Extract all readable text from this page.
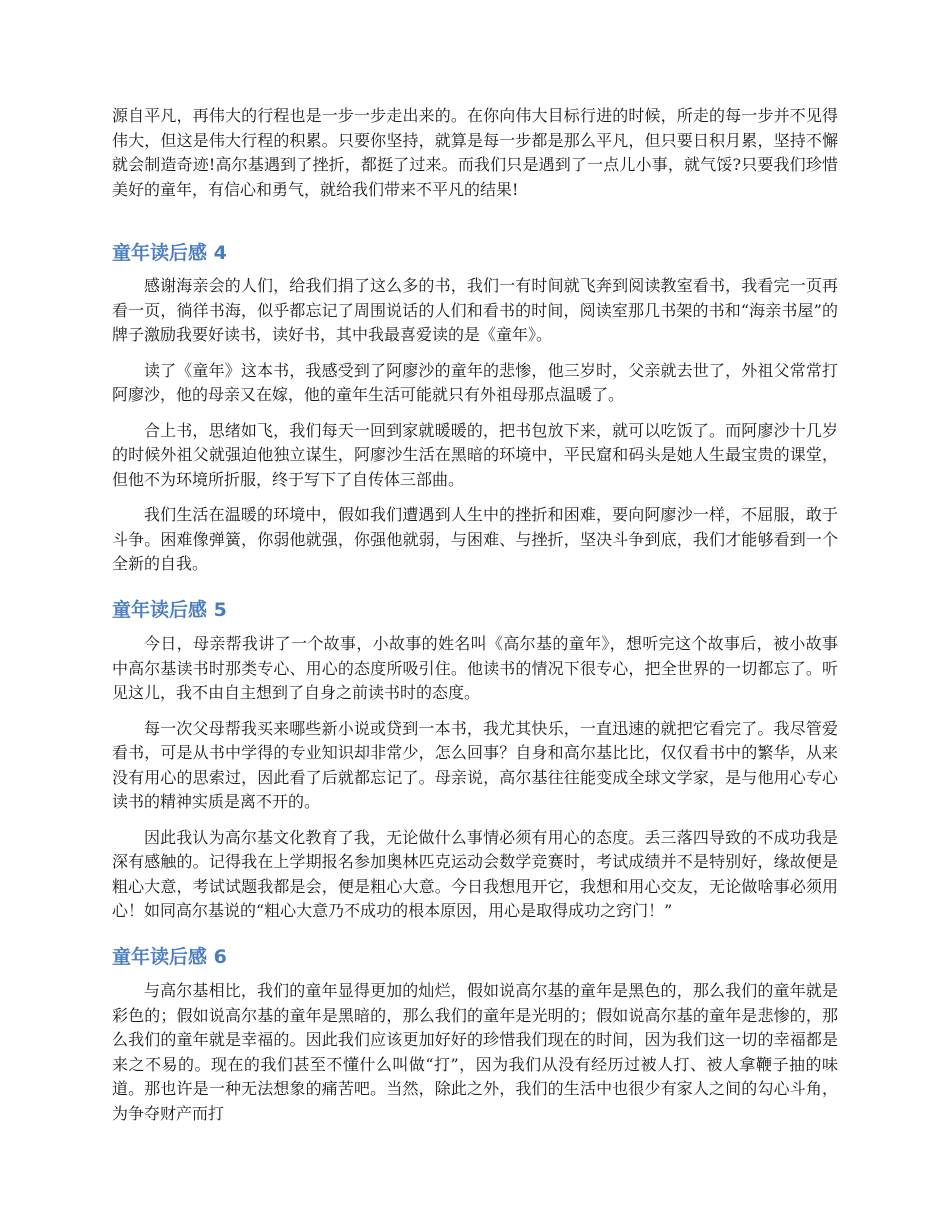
源自平凡，再伟大的行程也是一步一步走出来的。在你向伟大目标行进的时候，所走的每一步并不见得伟大，但这是伟大行程的积累。只要你坚持，就算是每一步都是那么平凡，但只要日积月累，坚持不懈就会制造奇迹!高尔基遇到了挫折，都挺了过来。而我们只是遇到了一点儿小事，就气馁?只要我们珍惜美好的童年，有信心和勇气，就给我们带来不平凡的结果!

童年读后感 4

感谢海亲会的人们，给我们捐了这么多的书，我们一有时间就飞奔到阅读教室看书，我看完一页再看一页，徜徉书海，似乎都忘记了周围说话的人们和看书的时间，阅读室那几书架的书和“海亲书屋”的牌子激励我要好读书，读好书，其中我最喜爱读的是《童年》。

读了《童年》这本书，我感受到了阿廖沙的童年的悲惨，他三岁时，父亲就去世了，外祖父常常打阿廖沙，他的母亲又在嫁，他的童年生活可能就只有外祖母那点温暖了。

合上书，思绪如飞，我们每天一回到家就暖暖的，把书包放下来，就可以吃饭了。而阿廖沙十几岁的时候外祖父就强迫他独立谋生，阿廖沙生活在黑暗的环境中，平民窟和码头是她人生最宝贵的课堂，但他不为环境所折服，终于写下了自传体三部曲。

我们生活在温暖的环境中，假如我们遭遇到人生中的挫折和困难，要向阿廖沙一样，不屈服，敢于斗争。困难像弹簧，你弱他就强，你强他就弱，与困难、与挫折，坚决斗争到底，我们才能够看到一个全新的自我。

童年读后感 5

今日，母亲帮我讲了一个故事，小故事的姓名叫《高尔基的童年》，想听完这个故事后，被小故事中高尔基读书时那类专心、用心的态度所吸引住。他读书的情况下很专心，把全世界的一切都忘了。听见这儿，我不由自主想到了自身之前读书时的态度。

每一次父母帮我买来哪些新小说或贷到一本书，我尤其快乐，一直迅速的就把它看完了。我尽管爱看书，可是从书中学得的专业知识却非常少，怎么回事？自身和高尔基比比，仅仅看书中的繁华，从来没有用心的思索过，因此看了后就都忘记了。母亲说，高尔基往往能变成全球文学家，是与他用心专心读书的精神实质是离不开的。

因此我认为高尔基文化教育了我，无论做什么事情必须有用心的态度。丢三落四导致的不成功我是深有感触的。记得我在上学期报名参加奥林匹克运动会数学竞赛时，考试成绩并不是特别好，缘故便是粗心大意，考试试题我都是会，便是粗心大意。今日我想甩开它，我想和用心交友，无论做啥事必须用心！如同高尔基说的“粗心大意乃不成功的根本原因，用心是取得成功之窍门！”

童年读后感 6

与高尔基相比，我们的童年显得更加的灿烂，假如说高尔基的童年是黑色的，那么我们的童年就是彩色的；假如说高尔基的童年是黑暗的，那么我们的童年是光明的；假如说高尔基的童年是悲惨的，那么我们的童年就是幸福的。因此我们应该更加好好的珍惜我们现在的时间，因为我们这一切的幸福都是来之不易的。现在的我们甚至不懂什么叫做“打”，因为我们从没有经历过被人打、被人拿鞭子抽的味道。那也许是一种无法想象的痛苦吧。当然，除此之外，我们的生活中也很少有家人之间的勾心斗角，为争夺财产而打
